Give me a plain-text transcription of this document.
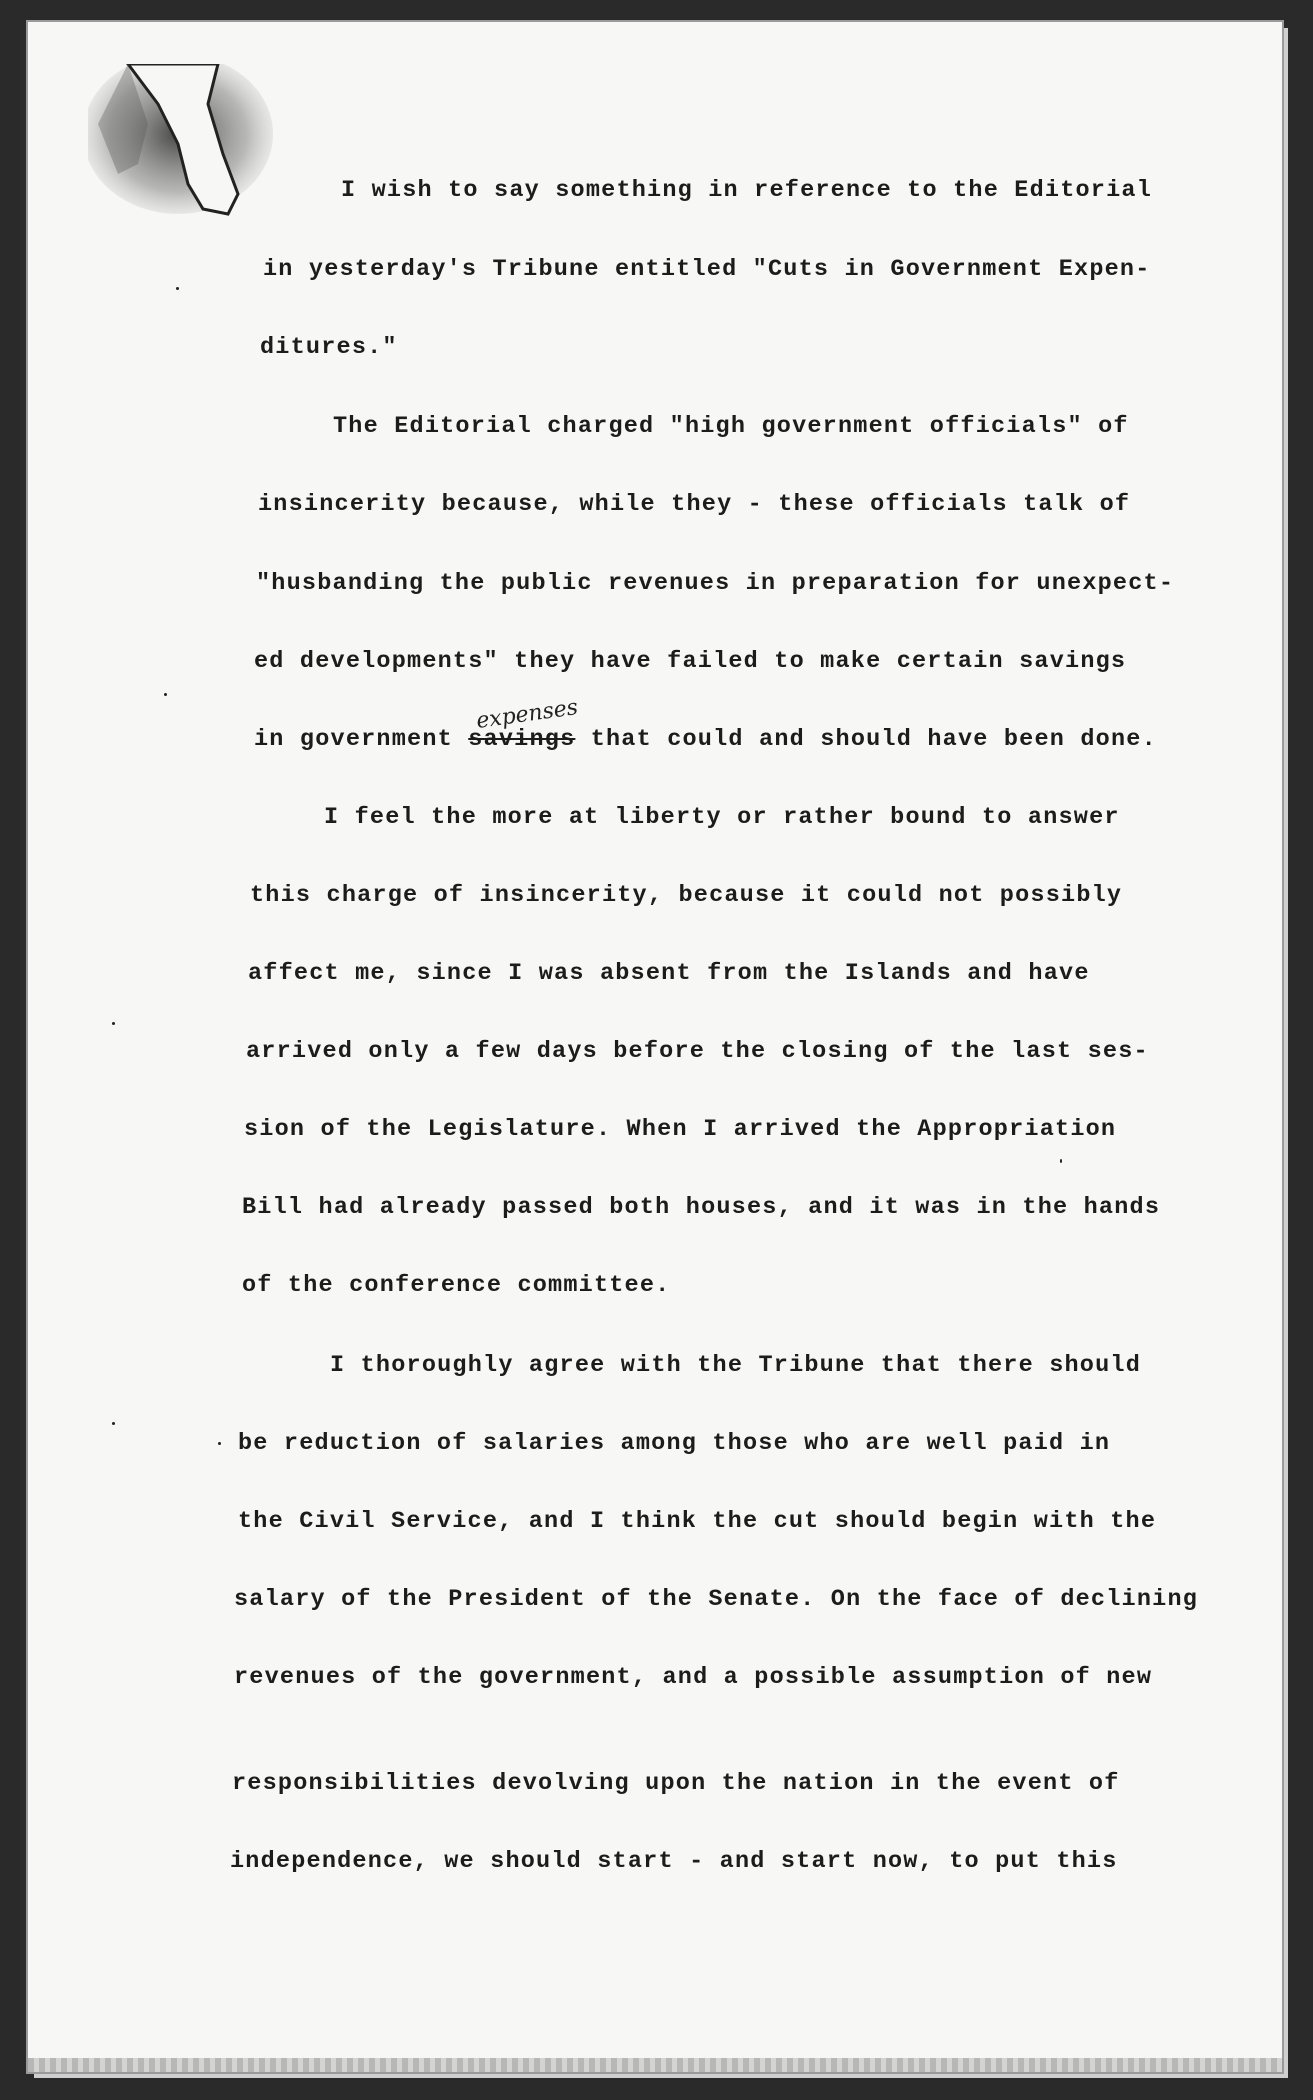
I wish to say something in reference to the Editorial
in yesterday's Tribune entitled "Cuts in Government Expen-
ditures."
The Editorial charged "high government officials" of
insincerity because, while they - these officials talk of
"husbanding the public revenues in preparation for unexpect-
ed developments" they have failed to make certain savings
in government savings that could and should have been done.
expenses
I feel the more at liberty or rather bound to answer
this charge of insincerity, because it could not possibly
affect me, since I was absent from the Islands and have
arrived only a few days before the closing of the last ses-
sion of the Legislature. When I arrived the Appropriation
Bill had already passed both houses, and it was in the hands
of the conference committee.
I thoroughly agree with the Tribune that there should
be reduction of salaries among those who are well paid in
the Civil Service, and I think the cut should begin with the
salary of the President of the Senate. On the face of declining
revenues of the government, and a possible assumption of new
responsibilities devolving upon the nation in the event of
independence, we should start - and start now, to put this
